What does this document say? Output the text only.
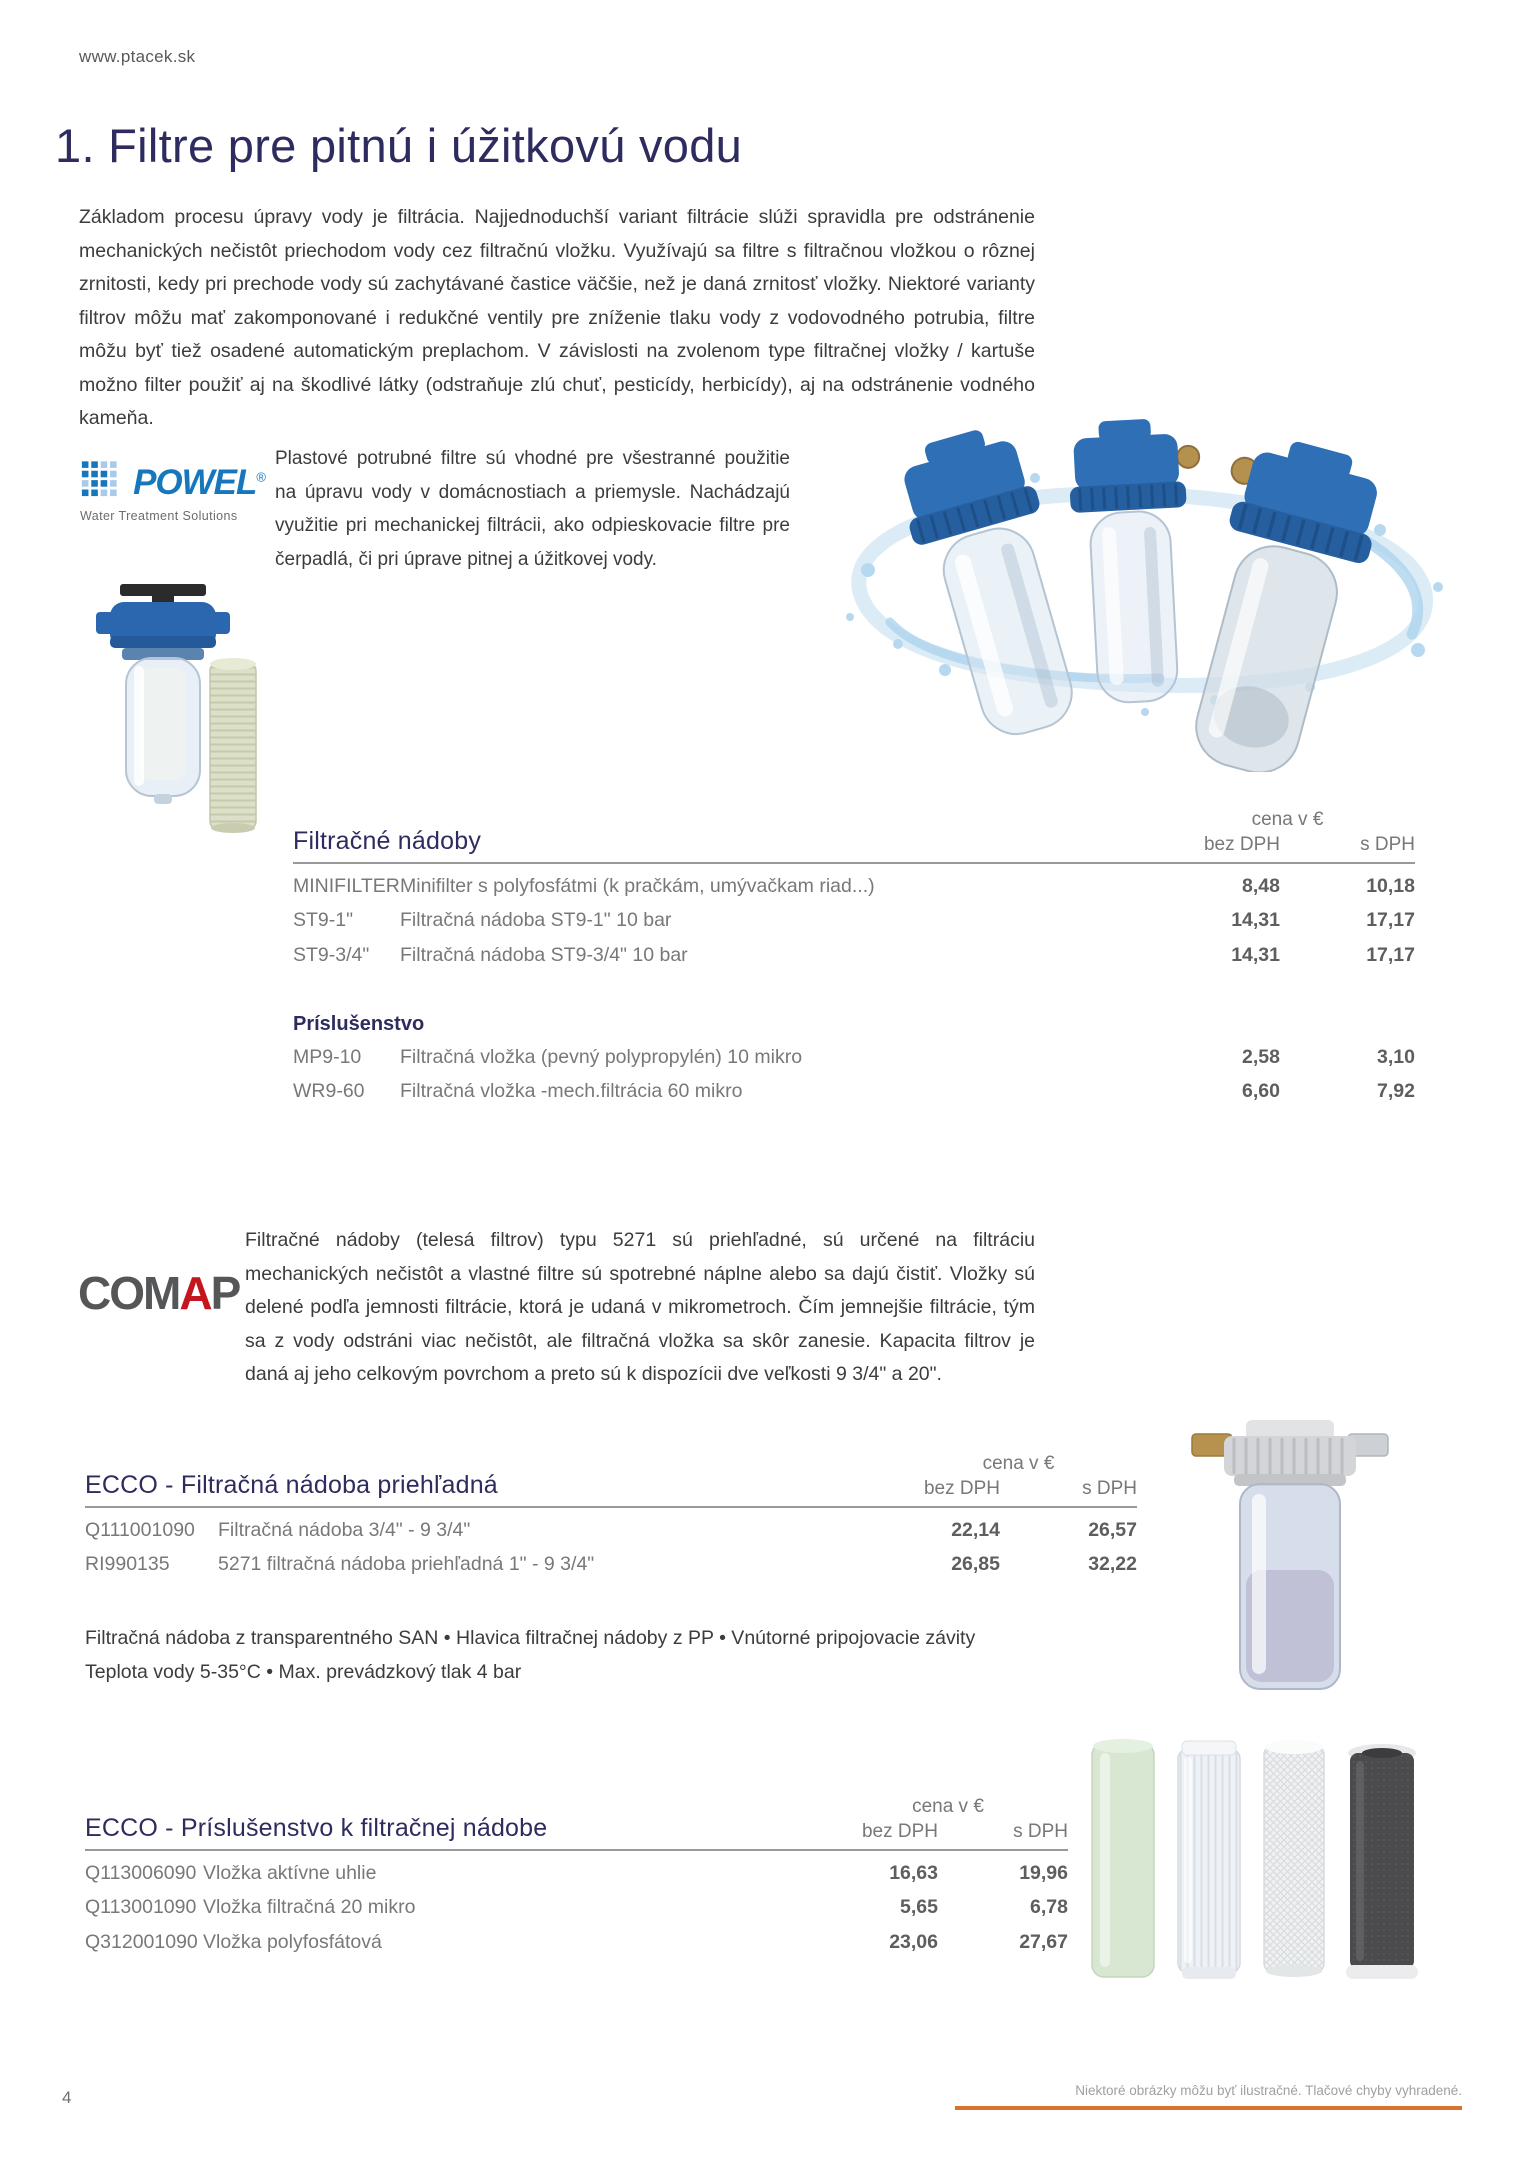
www.ptacek.sk
1. Filtre pre pitnú i úžitkovú vodu

Základom procesu úpravy vody je filtrácia. Najjednoduchší variant filtrácie slúži spravidla pre odstránenie mechanických nečistôt priechodom vody cez filtračnú vložku. Využívajú sa filtre s filtračnou vložkou o rôznej zrnitosti, kedy pri prechode vody sú zachytávané častice väčšie, než je daná zrnitosť vložky. Niektoré varianty filtrov môžu mať zakomponované i redukčné ventily pre zníženie tlaku vody z vodovodného potrubia, filtre môžu byť tiež osadené automatickým preplachom. V závislosti na zvolenom type filtračnej vložky / kartuše možno filter použiť aj na škodlivé látky (odstraňuje zlú chuť, pesticídy, herbicídy), aj na odstránenie vodného kameňa.

POWEL®
Water Treatment Solutions

Plastové potrubné filtre sú vhodné pre všestranné použitie na úpravu vody v domácnostiach a priemysle. Nachádzajú využitie pri mechanickej filtrácii, ako odpieskovacie filtre pre čerpadlá, či pri úprave pitnej a úžitkovej vody.

Filtračné nádoby
cena v €
bez DPH	s DPH
MINIFILTER Minifilter s polyfosfátmi (k pračkám, umývačkam riad...)	8,48	10,18
ST9-1"	Filtračná nádoba ST9-1" 10 bar	14,31	17,17
ST9-3/4"	Filtračná nádoba ST9-3/4" 10 bar	14,31	17,17
Príslušenstvo
MP9-10	Filtračná vložka (pevný polypropylén) 10 mikro	2,58	3,10
WR9-60	Filtračná vložka -mech.filtrácia 60 mikro	6,60	7,92
COMAP

Filtračné nádoby (telesá filtrov) typu 5271 sú priehľadné, sú určené na filtráciu mechanických nečistôt a vlastné filtre sú spotrebné náplne alebo sa dajú čistiť. Vložky sú delené podľa jemnosti filtrácie, ktorá je udaná v mikrometroch. Čím jemnejšie filtrácie, tým sa z vody odstráni viac nečistôt, ale filtračná vložka sa skôr zanesie. Kapacita filtrov je daná aj jeho celkovým povrchom a preto sú k dispozícii dve veľkosti 9 3/4" a 20".

ECCO - Filtračná nádoba priehľadná
cena v €
bez DPH	s DPH
Q111001090	Filtračná nádoba 3/4" - 9 3/4"	22,14	26,57
RI990135	5271 filtračná nádoba priehľadná 1" - 9 3/4"	26,85	32,22

Filtračná nádoba z transparentného SAN • Hlavica filtračnej nádoby z PP • Vnútorné pripojovacie závity Teplota vody 5-35°C • Max. prevádzkový tlak 4 bar

ECCO - Príslušenstvo k filtračnej nádobe
cena v €
bez DPH	s DPH
Q113006090 Vložka aktívne uhlie	16,63	19,96
Q113001090 Vložka filtračná 20 mikro	5,65	6,78
Q312001090 Vložka polyfosfátová	23,06	27,67
4	Niektoré obrázky môžu byť ilustračné. Tlačové chyby vyhradené.
